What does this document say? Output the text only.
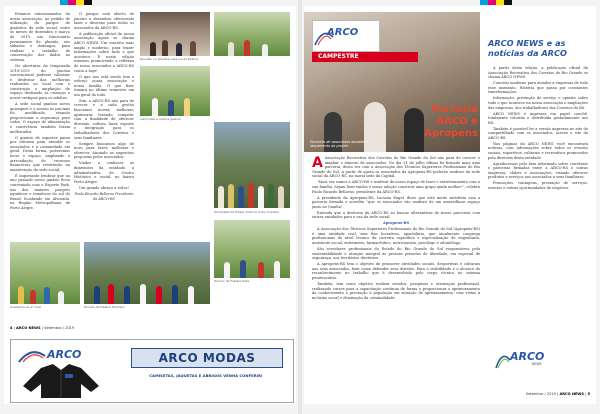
Estamos entusiasmados da nossa associação, no pedido de utilização do parque de ginástica da sede social, entre os meses de dezembro e março de 2019, um funcionário permanente de plantão, nos sábados e domingos, para realizar o trabalho de conservação dos dados ao sistema.

No aberturas da temporada 2018-2019 do piscina convencional pudesse valorizar e desfrutar das melhorias realizadas no local com o construção e ampliação do espaço destinado às crianças e novos vestígios para os adultos.

A sede social ganhou novos quiosques e o acesso às piscinas foi modificado, visando proporcionar a segurança para todos. O espaço de alimentação e convivência também foram melhorados.

O ginásio de esportes passa por reforma para atender os associados e à comunidade em geral. Desta forma, poderemos locar o espaço, ampliando a arrecadação de recursos financeiros que reverterão na manutenção da sede social.

É importante lembrar que no ano passado nosso ginásio ficou conveniado com o Esporte Park, um dos maiores parques aquáticos e temáticos do sul do Brasil, localizado em Alvorada, na Região Metropolitana de Porto Alegre.

O parque está aberto de janeiro a dezembro oferecendo lazer e diversão para todos os associados da ARCO-RS.

A publicação oficial da nossa associação agora se chama ARCO NEWS. Um conceito mais amplo e moderno, para trazer informações sobre tudo o que acontece. É nesta edição estamos promovendo a reflexão do nosso associados a ARCO-RS conta a hoje!

O que nos está sendo tem o esforço nossa associação e nossa família. O que fizer tomará no último trimestre em um geral do todo.

Sim, a ARCO-RS não para de crescer e a cada gestão buscamos inovar, melhorar, aprimorar, fazendo competir com a finalidade de oferecer diversão, cultura, lazer, esporte e integração para os trabalhadores dos Correios e seus familiares.

Sempre buscamos algo de novo para fazer, melhorar e oferecer. Atuando as sugestões propostas pelos associados.

Vindes a conhecer as dimensões da entidade, a administrativa, do Centro Histórico e social, no bairro Porto Alegre.

Um grande abraço a todos!

Paulo Ricardo Bellorno Presidente da ARCO-RS

Reunião no Direitos casa sul da Mulher
Inscrições a cultura galeria
Olimpíada de Futsal: total no meio mundial
Academia ao ar livre	Torneio de futebol feminino
Torneio de Futebol Sete
4 | ARCO NEWS | Setembro / 2019
ARCO	ARCO MODAS
CAMISETAS, JAQUETAS E ABRIGOS VENHA CONFERIR!
ARCO
CAMPESTRE
Parceria ARCO e Apropens
Encontro de associados durante o lançamento do projeto

A Associação Recreativa dos Correios do Rio Grande do Sul não para de crescer e ampliar o número de associados. No dia 31 de julho último foi firmado mais uma parceria, desta vez com a Associação dos Técnicos Superiores Profissionais do Rio Grande do Sul. A partir de agora os associados da Apropens-RS poderão usufruir da sede social da ARCO-RS, na moral sede da Capital.

"Mais vez somos a ARCO-RS e usufruir de nosso espaço de lazer e entretenimento com a sua família. Sejam bem-vindos e nossa adoção construir uma grupo ainda melhor!", celebra Paulo Ricardo Bellorno, presidente da ARCO-RS.

A presidente da Apropens-RS, Luciana Engel, disse que está muito satisfeita com a parceria firmada e acredita "que os associados vão usufruir de um maravilhoso espaço junto ao Guaíba".

Entenda que a diretoria da ARCO-RS ao buscar alternativas de novas parcerias com outras entidades para o uso da sede social.

Apropens-RS

A Associação dos Técnicos Superiores Profissionais do Rio Grande do Sul (Apropens-RS) é uma entidade civil, sem fins lucrativos, apartidária, que atualmente congrega profissionais de nível técnico da carreira específica e especialização de engenharia, assistente social, enfermeiro, farmacêutico, nutricionista, psicólogo e odontólogo.

São servidores profissionais do Estado do Rio Grande do Sul responsáveis pela sustentabilidade e atuação integral às pessoas privadas de liberdade, em especial de segurança, nos territórios diretórios.

A Apropens-RS tem o objetivo de promover atividades sociais, desportivas e culturais aos seus associados, bem como defender seus direitos. Para a visibilidade e o alcance do reconhecimento no trabalho que é desenvolvido pelo corpo técnico no sistema penitenciário.

Também, tem como objetivo realizar estudos, pesquisas e orientação profissional, realizando cursos para a capacitação contínua de forma a proporcionar o aprimoramento do conhecimento e prestação à população em situação de aprisionamento, com vistas à inclusão social e eliminação da criminalidade.

ARCO NEWS e as notícias da ARCO

A partir desta edição, a publicação oficial da Associação Recreativa dos Correios do Rio Grande se chama ARCO NEWS.

Conceito moderno para atender a empresas de todo esse momento. História que passa por constantes transformações.

Informação, prestação de serviço e opinião sobre tudo o que acontece na nossa associação e ampliações das empresas, dos trabalhadores dos Correios do RS.

ARCO NEWS é impressa em papel couchê, totalmente colorida e distribuída gratuitamente aos RS.

Também é possível ler a versão impressa no site do compartilhado com os associados, acesse o site da ARCO-RS.

Nas páginas da ARCO NEWS você encontrará notícias, com informações sobre todos os eventos sociais, esportivos, culturais e recreativos promovidos pela diretoria desta entidade.

Agradecemos pelo bem informado sobre convênios e parcerias firmadas entre a ARCO-RS e outras empresas, clubes e associações, visando oferecer produtos e serviços aos associados a seus familiares.

Promoções, vantagens, prestação de serviços, eventos e outras oportunidades de negócios.

ARCO
NEWS
Setembro / 2019 | ARCO NEWS | 5
